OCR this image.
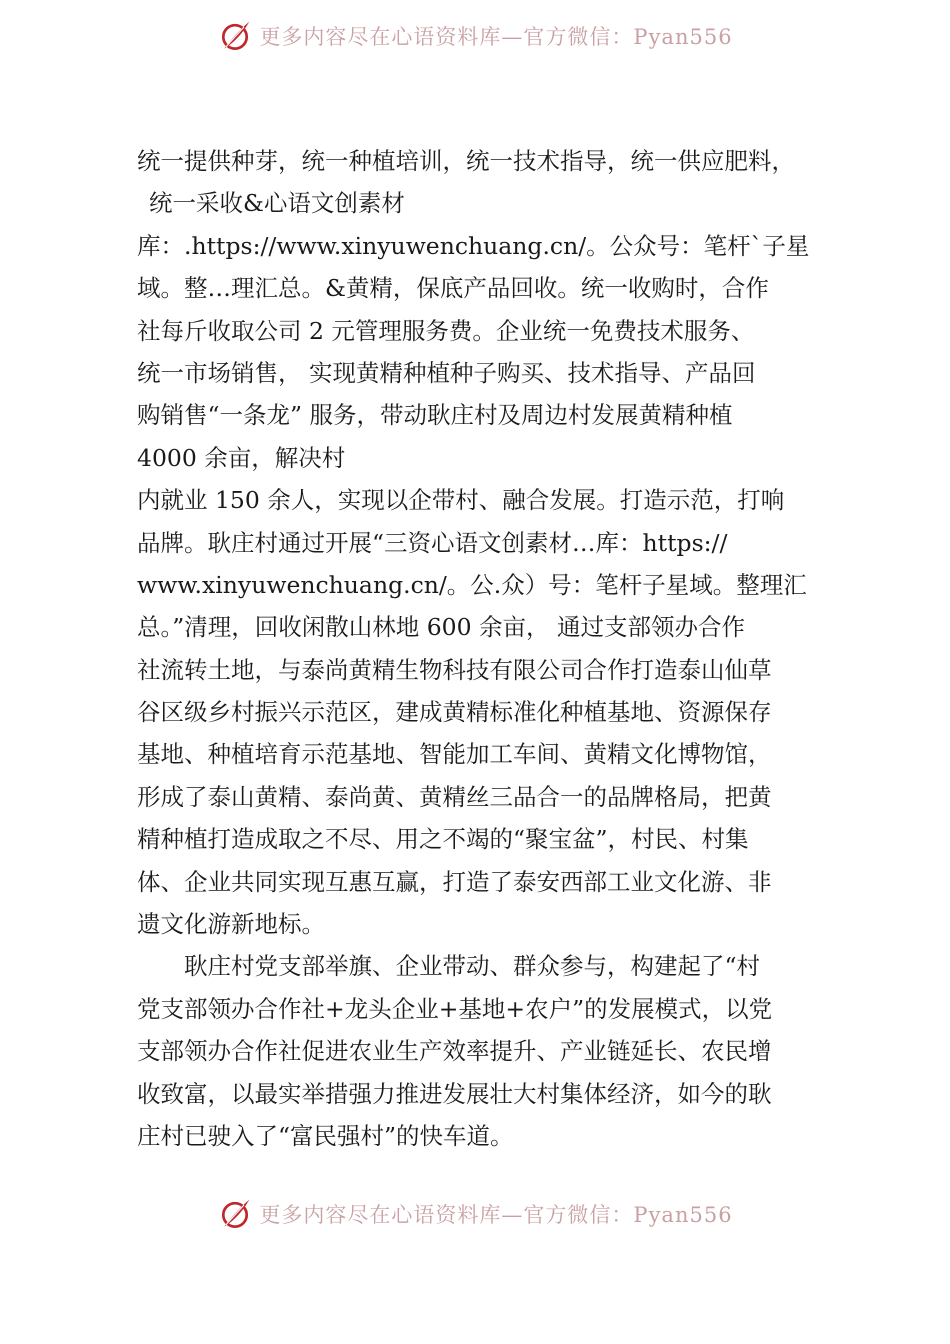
更多内容尽在心语资料库—官方微信：Pyan556
统一提供种芽，统一种植培训，统一技术指导，统一供应肥料，
统一采收&心语文创素材
库：.https://www.xinyuwenchuang.cn/。公众号：笔杆`子星
域。整…理汇总。&黄精，保底产品回收。统一收购时，合作
社每斤收取公司 2 元管理服务费。企业统一免费技术服务、
统一市场销售， 实现黄精种植种子购买、技术指导、产品回
购销售“一条龙” 服务，带动耿庄村及周边村发展黄精种植
4000 余亩，解决村
内就业 150 余人，实现以企带村、融合发展。打造示范，打响
品牌。耿庄村通过开展“三资心语文创素材…库：https://
www.xinyuwenchuang.cn/。公.众）号：笔杆子星域。整理汇
总。”清理，回收闲散山林地 600 余亩， 通过支部领办合作
社流转土地，与泰尚黄精生物科技有限公司合作打造泰山仙草
谷区级乡村振兴示范区，建成黄精标准化种植基地、资源保存
基地、种植培育示范基地、智能加工车间、黄精文化博物馆，
形成了泰山黄精、泰尚黄、黄精丝三品合一的品牌格局，把黄
精种植打造成取之不尽、用之不竭的“聚宝盆”，村民、村集
体、企业共同实现互惠互赢，打造了泰安西部工业文化游、非
遗文化游新地标。
耿庄村党支部举旗、企业带动、群众参与，构建起了“村
党支部领办合作社+龙头企业+基地+农户”的发展模式，以党
支部领办合作社促进农业生产效率提升、产业链延长、农民增
收致富，以最实举措强力推进发展壮大村集体经济，如今的耿
庄村已驶入了“富民强村”的快车道。
更多内容尽在心语资料库—官方微信：Pyan556
